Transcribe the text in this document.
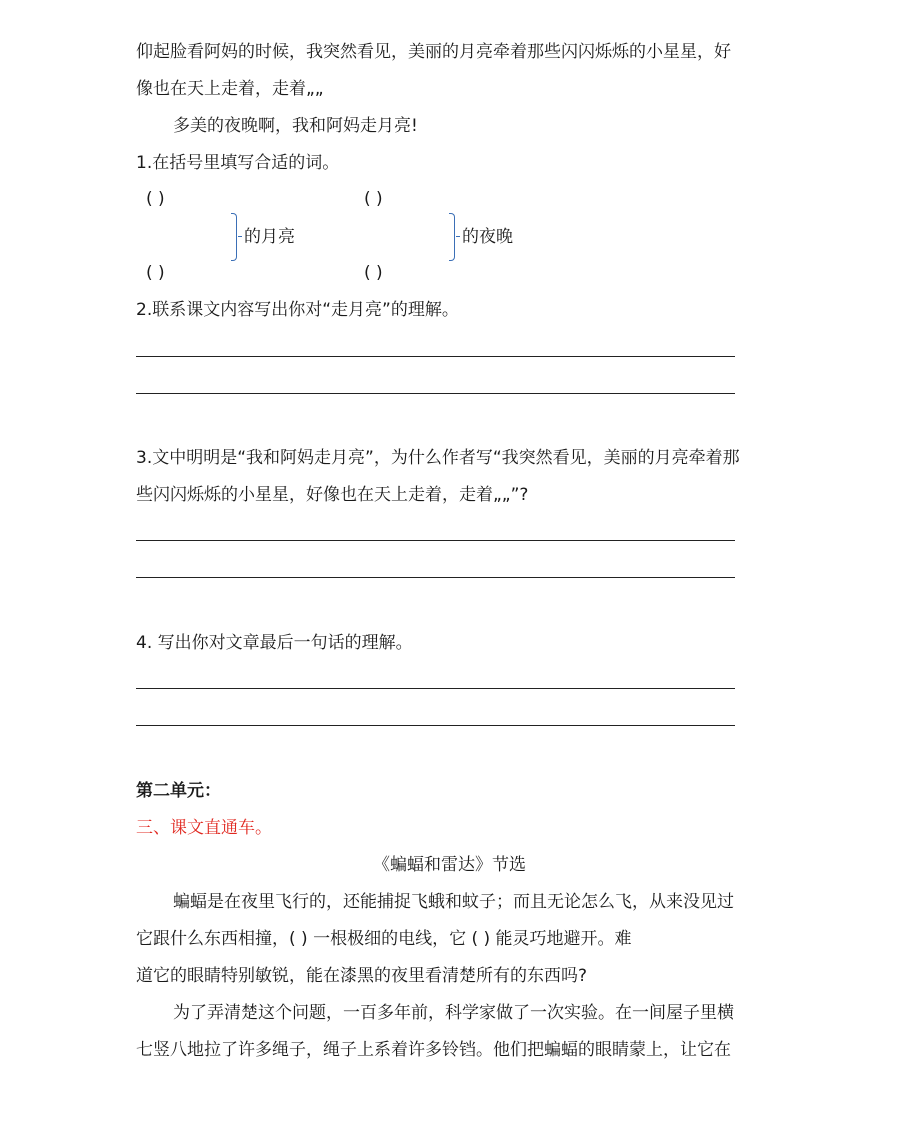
仰起脸看阿妈的时候，我突然看见，美丽的月亮牵着那些闪闪烁烁的小星星，好
像也在天上走着，走着„„
多美的夜晚啊，我和阿妈走月亮!
1.在括号里填写合适的词。
( )
( )
的月亮
( )
( )
的夜晚
2.联系课文内容写出你对“走月亮”的理解。
3.文中明明是“我和阿妈走月亮”，为什么作者写“我突然看见，美丽的月亮牵着那
些闪闪烁烁的小星星，好像也在天上走着，走着„„”?
4. 写出你对文章最后一句话的理解。
第二单元：
三、课文直通车。
《蝙蝠和雷达》节选
蝙蝠是在夜里飞行的，还能捕捉飞蛾和蚊子；而且无论怎么飞，从来没见过
它跟什么东西相撞，( ) 一根极细的电线，它 ( ) 能灵巧地避开。难
道它的眼睛特别敏锐，能在漆黑的夜里看清楚所有的东西吗?
为了弄清楚这个问题，一百多年前，科学家做了一次实验。在一间屋子里横
七竖八地拉了许多绳子，绳子上系着许多铃铛。他们把蝙蝠的眼睛蒙上，让它在
